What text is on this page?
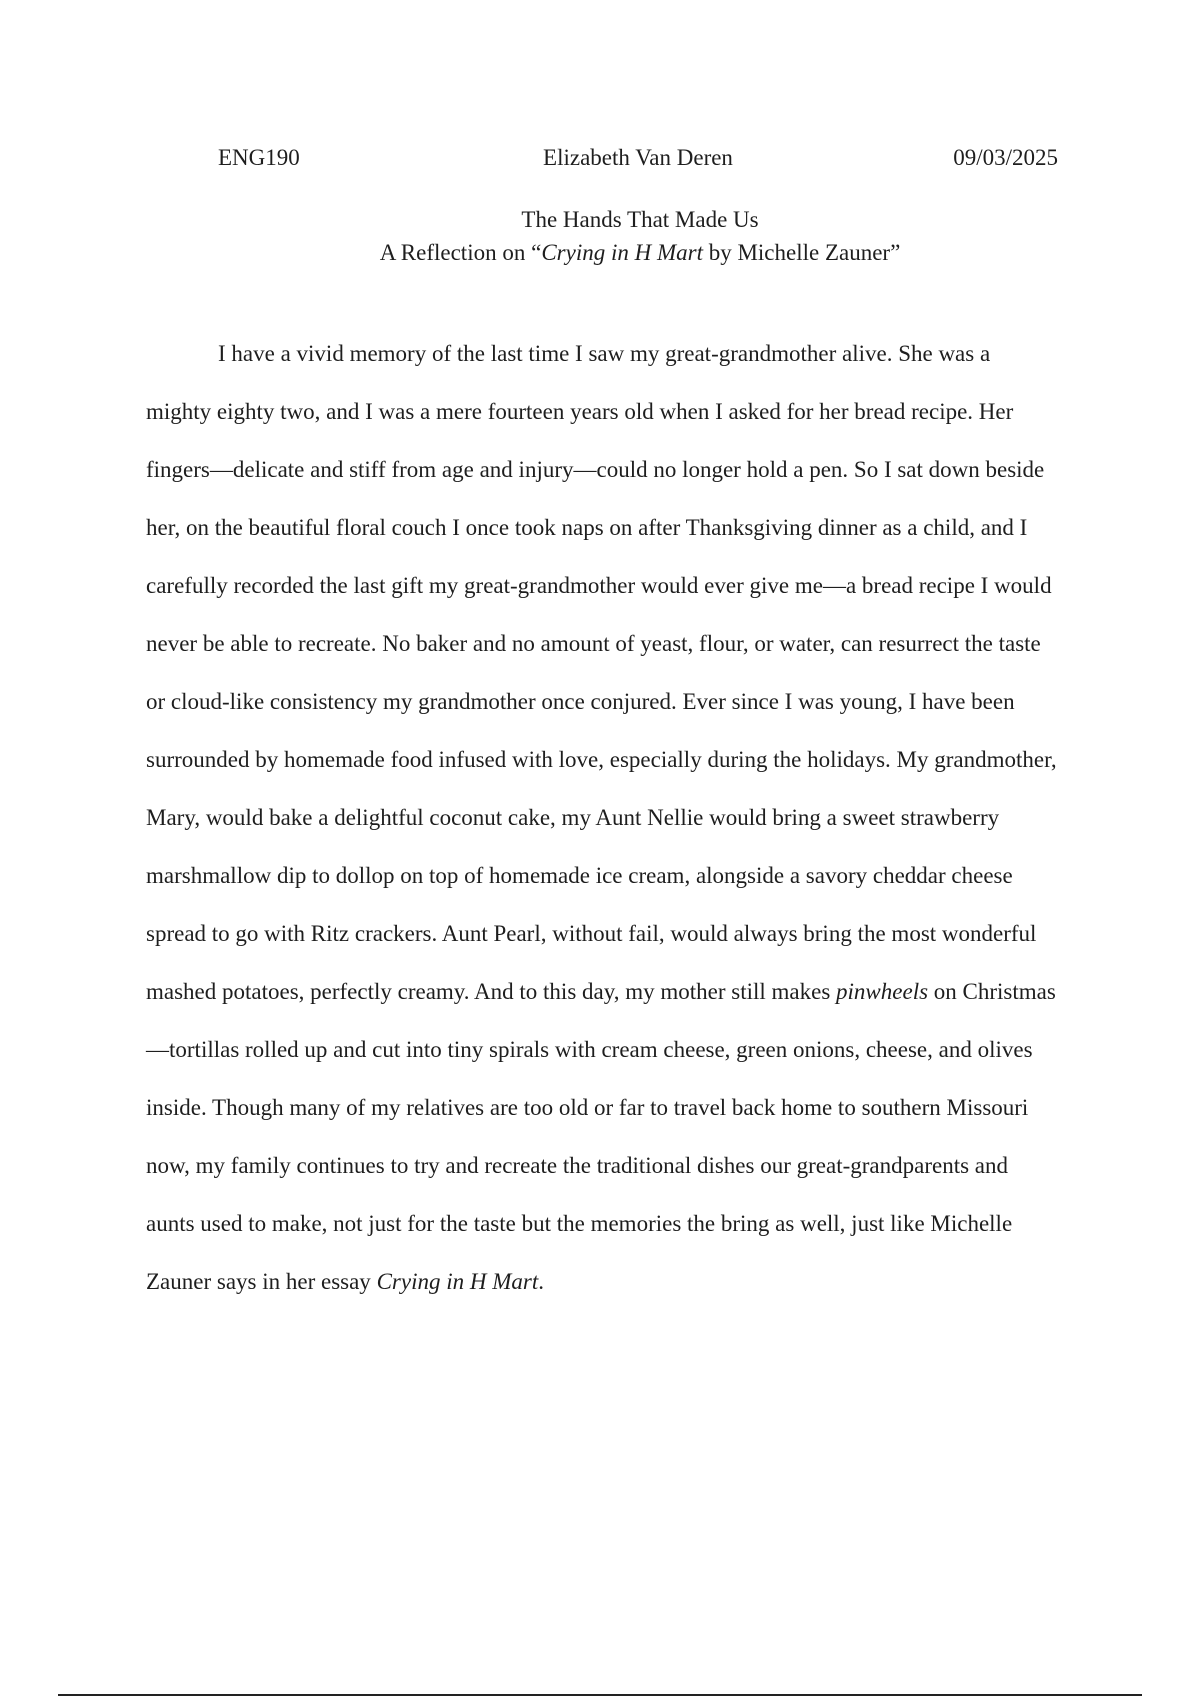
ENG190	Elizabeth Van Deren	09/03/2025
The Hands That Made Us
A Reflection on “Crying in H Mart by Michelle Zauner”

I have a vivid memory of the last time I saw my great-grandmother alive. She was a mighty eighty two, and I was a mere fourteen years old when I asked for her bread recipe. Her fingers—delicate and stiff from age and injury—could no longer hold a pen. So I sat down beside her, on the beautiful floral couch I once took naps on after Thanksgiving dinner as a child, and I carefully recorded the last gift my great-grandmother would ever give me—a bread recipe I would never be able to recreate. No baker and no amount of yeast, flour, or water, can resurrect the taste or cloud-like consistency my grandmother once conjured. Ever since I was young, I have been surrounded by homemade food infused with love, especially during the holidays. My grandmother, Mary, would bake a delightful coconut cake, my Aunt Nellie would bring a sweet strawberry marshmallow dip to dollop on top of homemade ice cream, alongside a savory cheddar cheese spread to go with Ritz crackers. Aunt Pearl, without fail, would always bring the most wonderful mashed potatoes, perfectly creamy. And to this day, my mother still makes pinwheels on Christmas—tortillas rolled up and cut into tiny spirals with cream cheese, green onions, cheese, and olives inside. Though many of my relatives are too old or far to travel back home to southern Missouri now, my family continues to try and recreate the traditional dishes our great-grandparents and aunts used to make, not just for the taste but the memories the bring as well, just like Michelle Zauner says in her essay Crying in H Mart.
